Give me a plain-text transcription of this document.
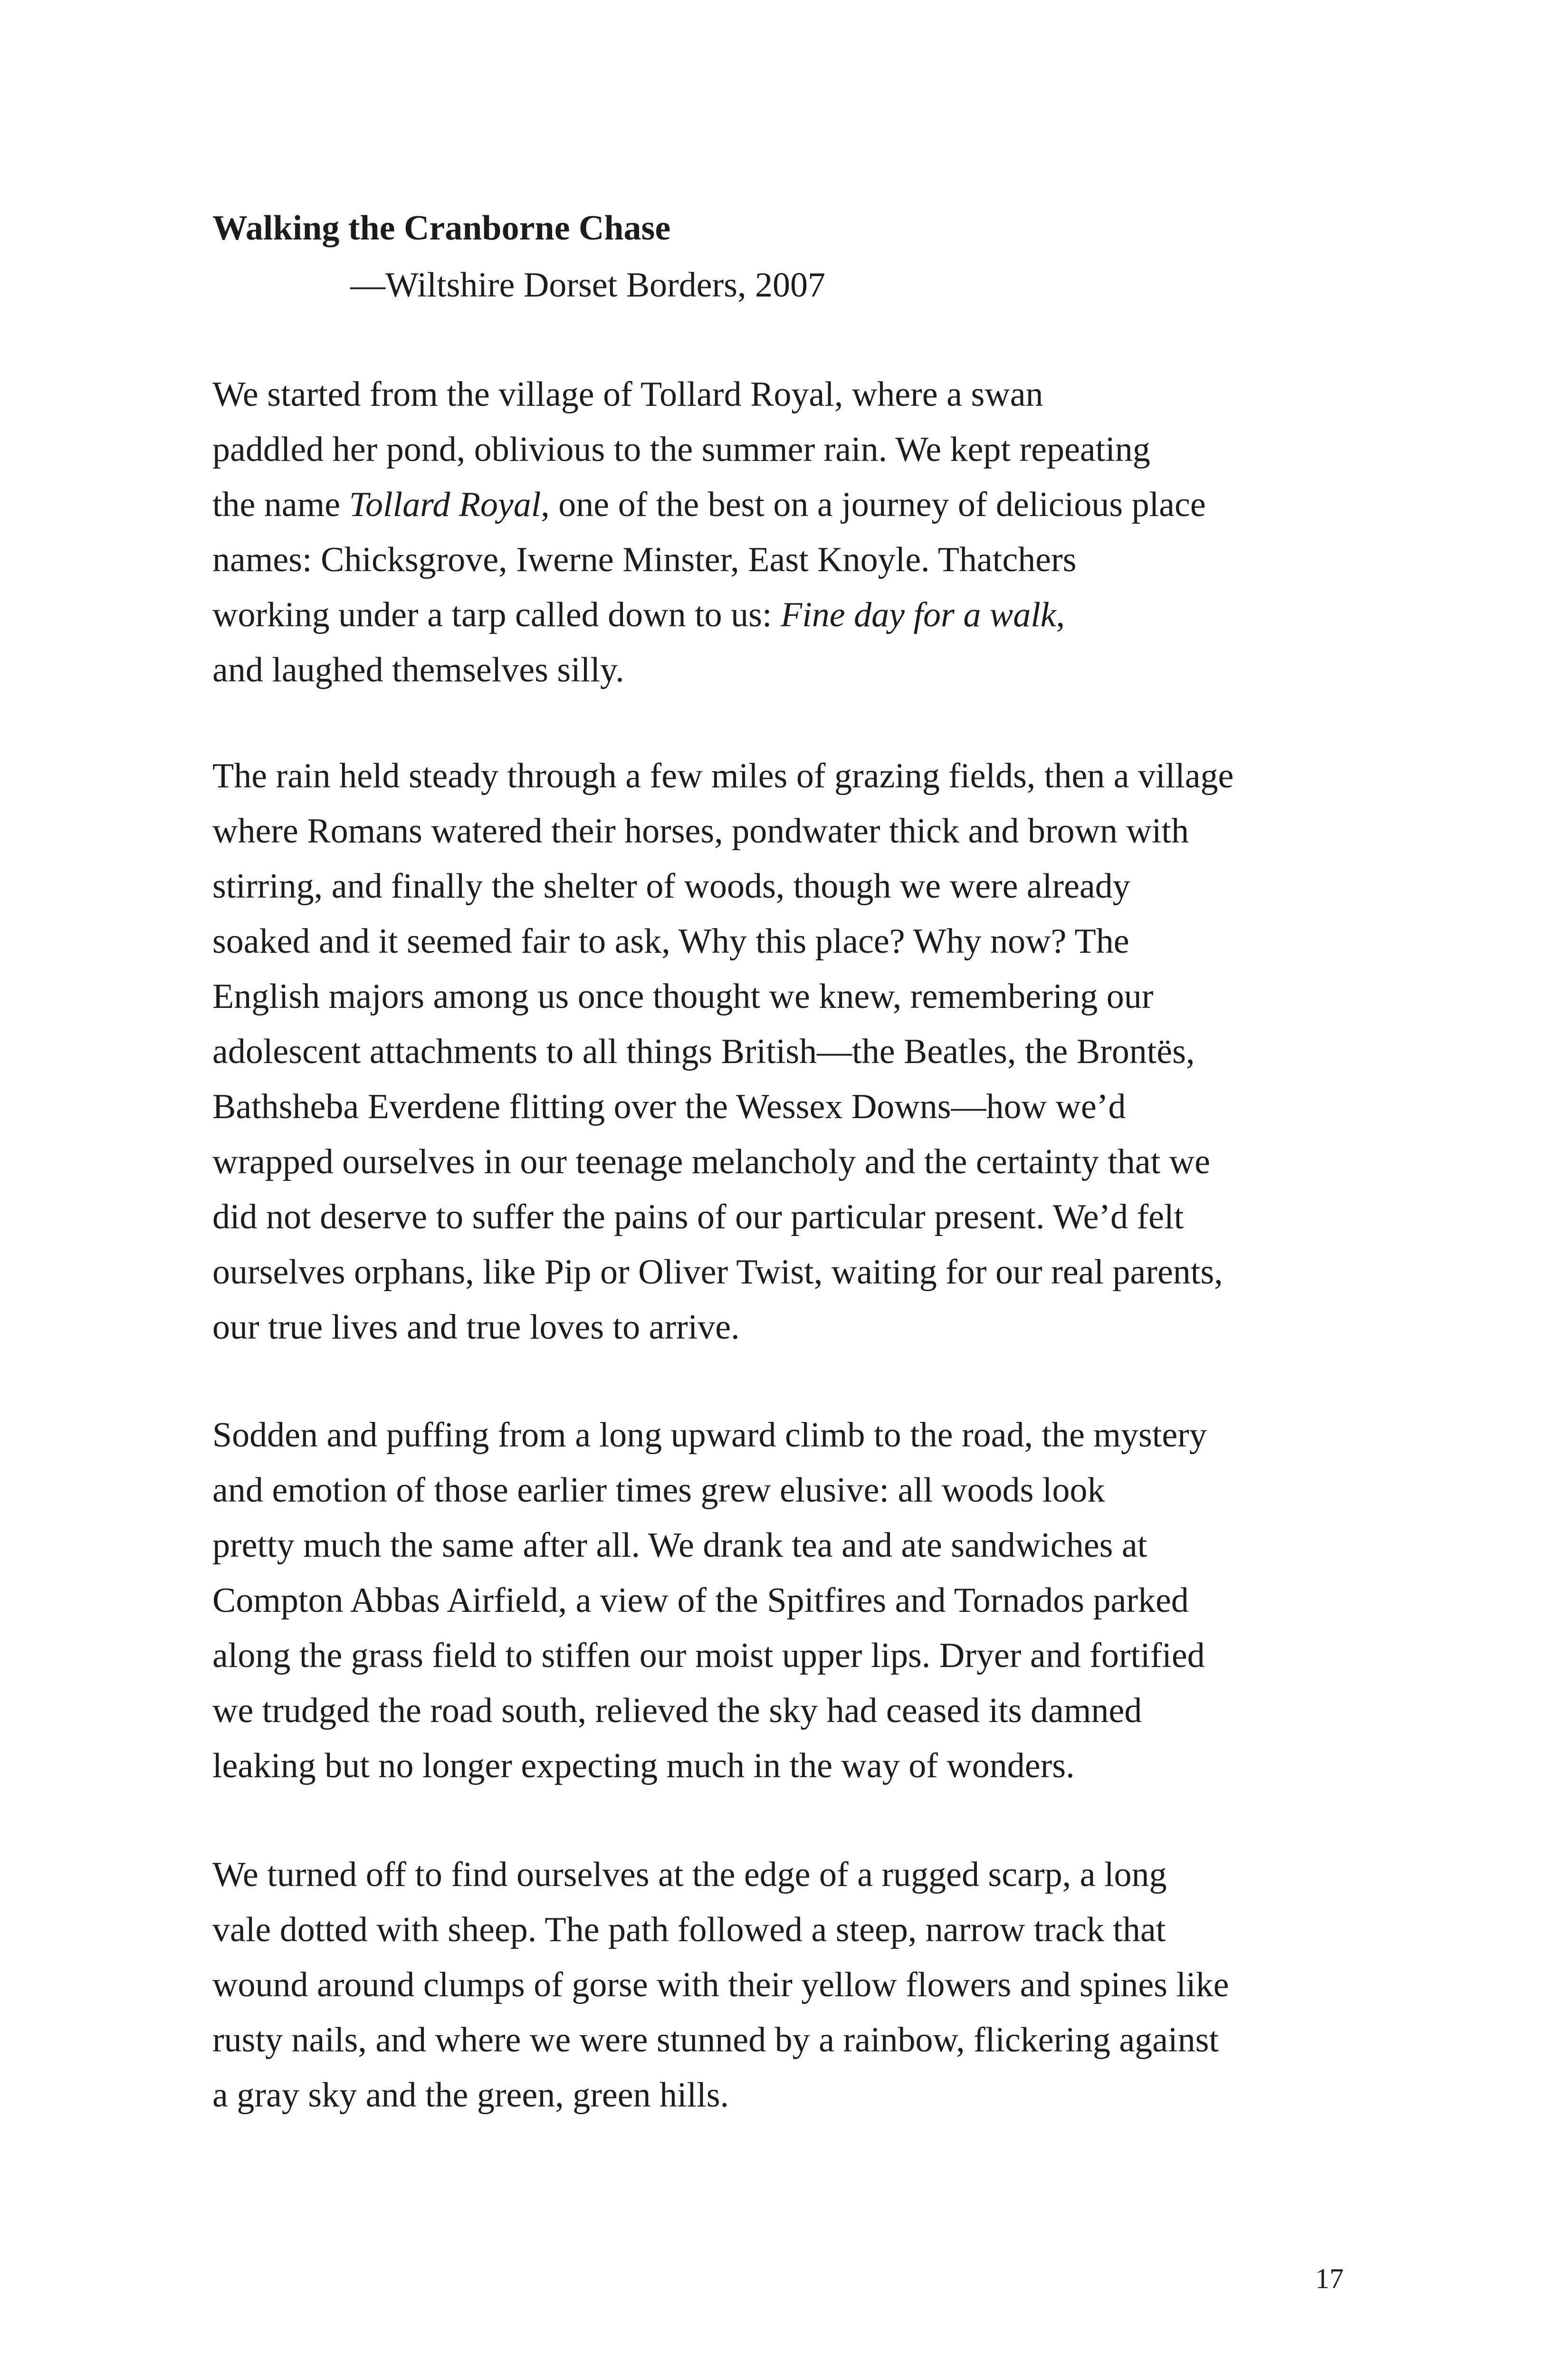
Walking the Cranborne Chase
—Wiltshire Dorset Borders, 2007
We started from the village of Tollard Royal, where a swan
paddled her pond, oblivious to the summer rain. We kept repeating
the name Tollard Royal, one of the best on a journey of delicious place
names: Chicksgrove, Iwerne Minster, East Knoyle. Thatchers
working under a tarp called down to us: Fine day for a walk,
and laughed themselves silly.
The rain held steady through a few miles of grazing fields, then a village
where Romans watered their horses, pondwater thick and brown with
stirring, and finally the shelter of woods, though we were already
soaked and it seemed fair to ask, Why this place? Why now? The
English majors among us once thought we knew, remembering our
adolescent attachments to all things British—the Beatles, the Brontës,
Bathsheba Everdene flitting over the Wessex Downs—how we’d
wrapped ourselves in our teenage melancholy and the certainty that we
did not deserve to suffer the pains of our particular present. We’d felt
ourselves orphans, like Pip or Oliver Twist, waiting for our real parents,
our true lives and true loves to arrive.
Sodden and puffing from a long upward climb to the road, the mystery
and emotion of those earlier times grew elusive: all woods look
pretty much the same after all. We drank tea and ate sandwiches at
Compton Abbas Airfield, a view of the Spitfires and Tornados parked
along the grass field to stiffen our moist upper lips. Dryer and fortified
we trudged the road south, relieved the sky had ceased its damned
leaking but no longer expecting much in the way of wonders.
We turned off to find ourselves at the edge of a rugged scarp, a long
vale dotted with sheep. The path followed a steep, narrow track that
wound around clumps of gorse with their yellow flowers and spines like
rusty nails, and where we were stunned by a rainbow, flickering against
a gray sky and the green, green hills.
17
